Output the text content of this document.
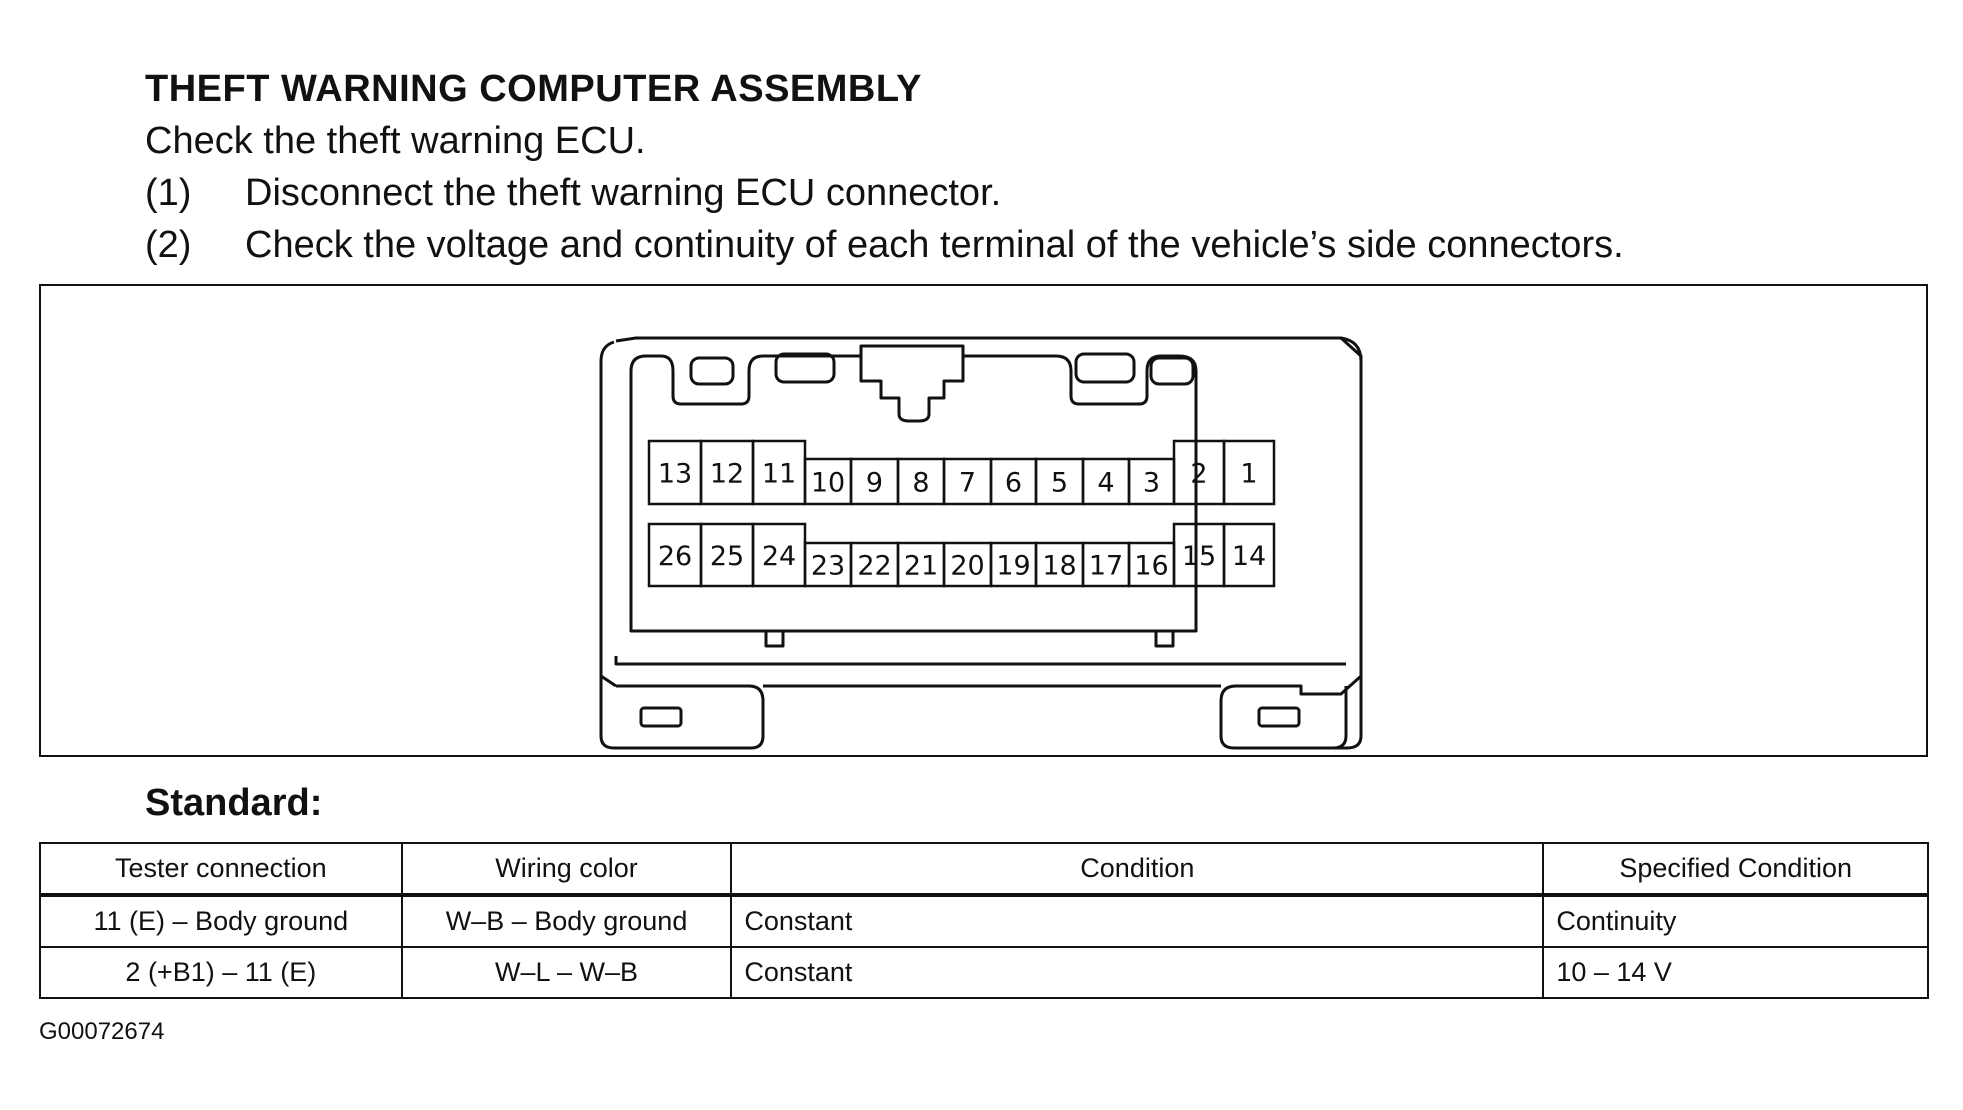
THEFT WARNING COMPUTER ASSEMBLY
Check the theft warning ECU.
(1) Disconnect the theft warning ECU connector.
(2) Check the voltage and continuity of each terminal of the vehicle’s side connectors.
13 12 11 10 9 8 7 6 5 4 3 2 1
26 25 24 23 22 21 20 19 18 17 16 15 14
Standard:
Tester connection	Wiring color	Condition	Specified Condition
11 (E) – Body ground	W–B – Body ground	Constant	Continuity
2 (+B1) – 11 (E)	W–L – W–B	Constant	10 – 14 V
G00072674
